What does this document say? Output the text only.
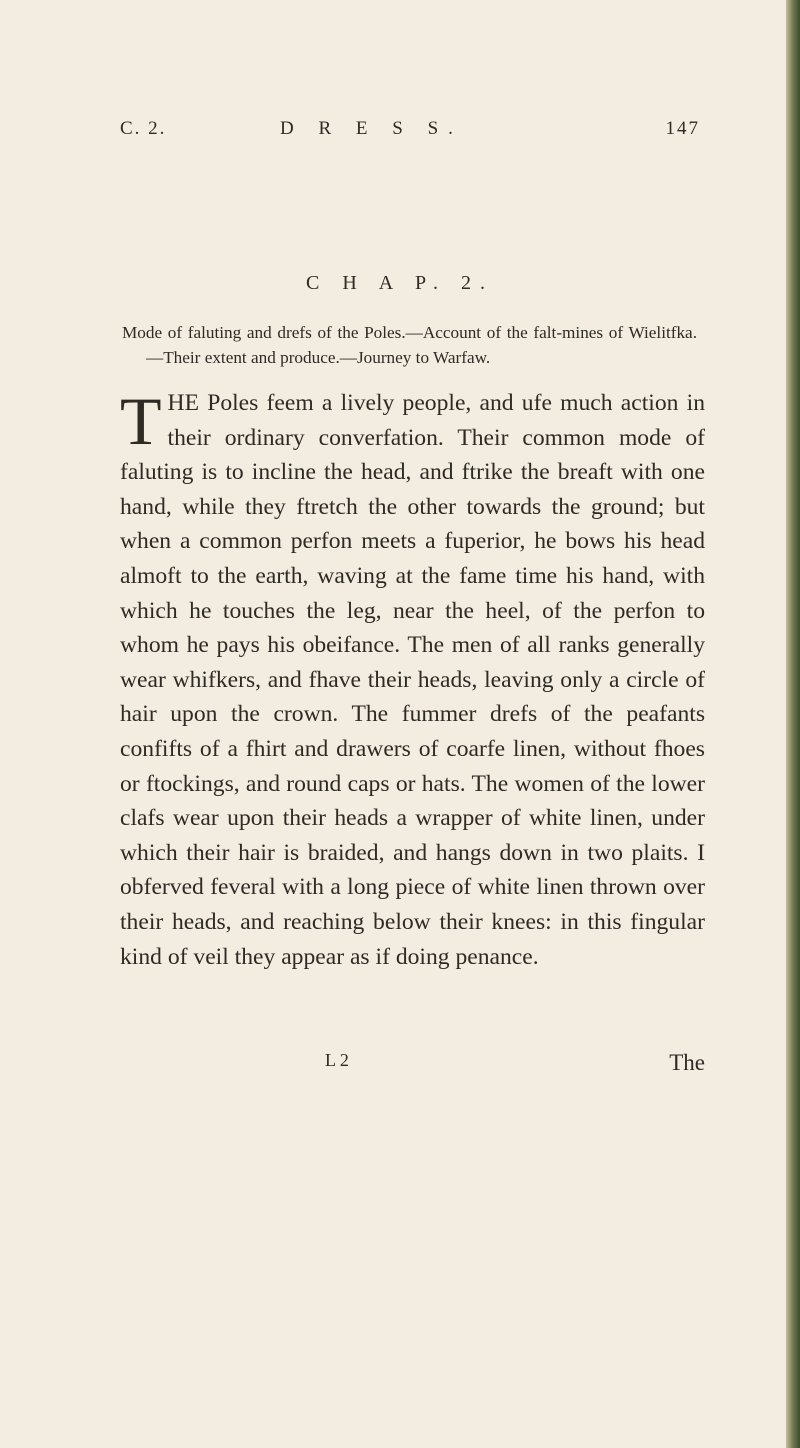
C. 2.	D R E S S.	147
C H A P. 2.
Mode of faluting and drefs of the Poles.—Account of the falt-mines of Wielitfka.—Their extent and produce.—Journey to Warfaw.
T HE Poles feem a lively people, and ufe much action in their ordinary converfation. Their common mode of faluting is to incline the head, and ftrike the breaft with one hand, while they ftretch the other towards the ground; but when a common perfon meets a fuperior, he bows his head almoft to the earth, waving at the fame time his hand, with which he touches the leg, near the heel, of the perfon to whom he pays his obeifance. The men of all ranks generally wear whifkers, and fhave their heads, leaving only a circle of hair upon the crown. The fummer drefs of the peafants confifts of a fhirt and drawers of coarfe linen, without fhoes or ftockings, and round caps or hats. The women of the lower clafs wear upon their heads a wrapper of white linen, under which their hair is braided, and hangs down in two plaits. I obferved feveral with a long piece of white linen thrown over their heads, and reaching below their knees: in this fingular kind of veil they appear as if doing penance.
L 2	The
